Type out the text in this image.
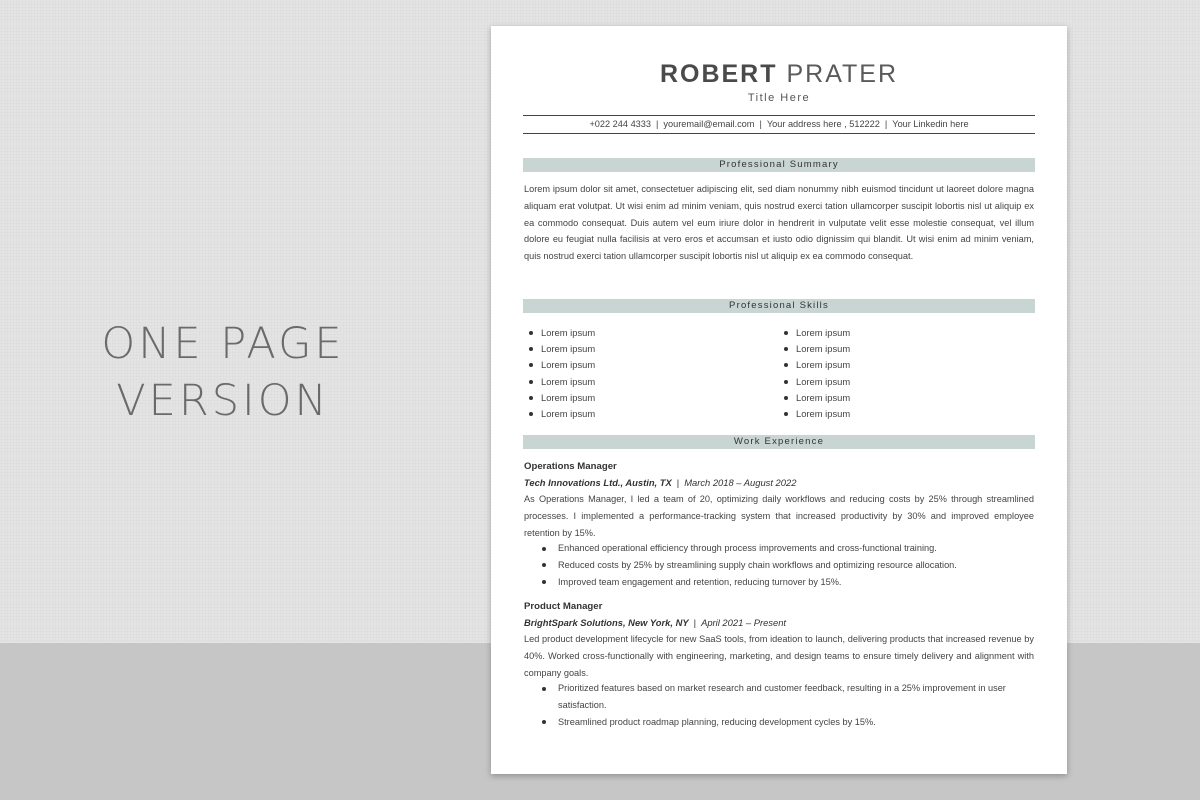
ONE PAGE
VERSION
ROBERT PRATER
Title Here
+022 244 4333 | youremail@email.com | Your address here , 512222 | Your Linkedin here
Professional Summary
Lorem ipsum dolor sit amet, consectetuer adipiscing elit, sed diam nonummy nibh euismod tincidunt ut laoreet dolore magna aliquam erat volutpat. Ut wisi enim ad minim veniam, quis nostrud exerci tation ullamcorper suscipit lobortis nisl ut aliquip ex ea commodo consequat. Duis autem vel eum iriure dolor in hendrerit in vulputate velit esse molestie consequat, vel illum dolore eu feugiat nulla facilisis at vero eros et accumsan et iusto odio dignissim qui blandit. Ut wisi enim ad minim veniam, quis nostrud exerci tation ullamcorper suscipit lobortis nisl ut aliquip ex ea commodo consequat.
Professional Skills
Lorem ipsum
Lorem ipsum
Lorem ipsum
Lorem ipsum
Lorem ipsum
Lorem ipsum
Lorem ipsum
Lorem ipsum
Lorem ipsum
Lorem ipsum
Lorem ipsum
Lorem ipsum
Work Experience
Operations Manager
Tech Innovations Ltd., Austin, TX | March 2018 – August 2022
As Operations Manager, I led a team of 20, optimizing daily workflows and reducing costs by 25% through streamlined processes. I implemented a performance-tracking system that increased productivity by 30% and improved employee retention by 15%.
Enhanced operational efficiency through process improvements and cross-functional training.
Reduced costs by 25% by streamlining supply chain workflows and optimizing resource allocation.
Improved team engagement and retention, reducing turnover by 15%.
Product Manager
BrightSpark Solutions, New York, NY | April 2021 – Present
Led product development lifecycle for new SaaS tools, from ideation to launch, delivering products that increased revenue by 40%. Worked cross-functionally with engineering, marketing, and design teams to ensure timely delivery and alignment with company goals.
Prioritized features based on market research and customer feedback, resulting in a 25% improvement in user satisfaction.
Streamlined product roadmap planning, reducing development cycles by 15%.
